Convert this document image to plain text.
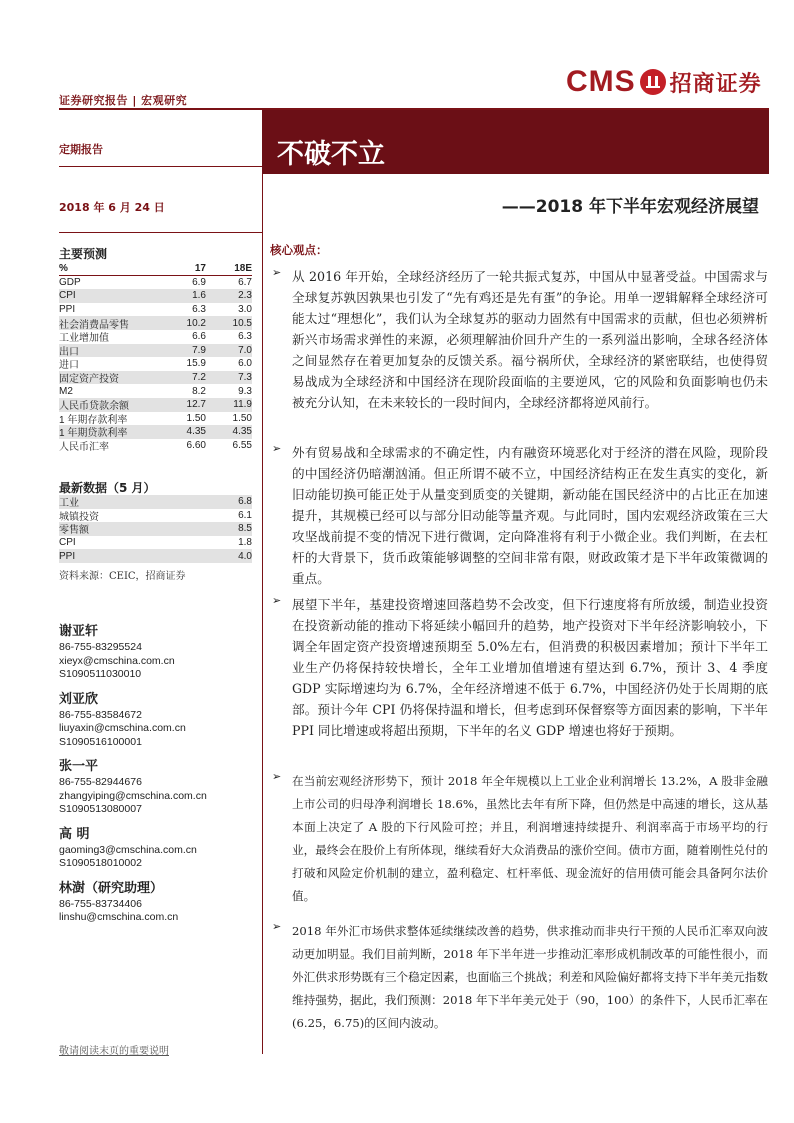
证券研究报告 | 宏观研究
CMS 招商证券
定期报告
2018 年 6 月 24 日
不破不立
——2018 年下半年宏观经济展望
主要预测
%	17	18E
GDP	6.9	6.7
CPI	1.6	2.3
PPI	6.3	3.0
社会消费品零售	10.2	10.5
工业增加值	6.6	6.3
出口	7.9	7.0
进口	15.9	6.0
固定资产投资	7.2	7.3
M2	8.2	9.3
人民币贷款余额	12.7	11.9
1 年期存款利率	1.50	1.50
1 年期贷款利率	4.35	4.35
人民币汇率	6.60	6.55
最新数据（5 月）
工业	6.8
城镇投资	6.1
零售额	8.5
CPI	1.8
PPI	4.0
资料来源：CEIC，招商证券
谢亚轩
86-755-83295524
xieyx@cmschina.com.cn
S1090511030010
刘亚欣
86-755-83584672
liuyaxin@cmschina.com.cn
S1090516100001
张一平
86-755-82944676
zhangyiping@cmschina.com.cn
S1090513080007
高 明
gaoming3@cmschina.com.cn
S1090518010002
林澍（研究助理）
86-755-83734406
linshu@cmschina.com.cn
敬请阅读末页的重要说明
核心观点：
➢ 从 2016 年开始，全球经济经历了一轮共振式复苏，中国从中显著受益。中国需求与全球复苏孰因孰果也引发了“先有鸡还是先有蛋”的争论。用单一逻辑解释全球经济可能太过“理想化”，我们认为全球复苏的驱动力固然有中国需求的贡献，但也必须辨析新兴市场需求弹性的来源，必须理解油价回升产生的一系列溢出影响，全球各经济体之间显然存在着更加复杂的反馈关系。福兮祸所伏，全球经济的紧密联结，也使得贸易战成为全球经济和中国经济在现阶段面临的主要逆风，它的风险和负面影响也仍未被充分认知，在未来较长的一段时间内，全球经济都将逆风前行。
➢ 外有贸易战和全球需求的不确定性，内有融资环境恶化对于经济的潜在风险，现阶段的中国经济仍暗潮汹涌。但正所谓不破不立，中国经济结构正在发生真实的变化，新旧动能切换可能正处于从量变到质变的关键期，新动能在国民经济中的占比正在加速提升，其规模已经可以与部分旧动能等量齐观。与此同时，国内宏观经济政策在三大攻坚战前提不变的情况下进行微调，定向降准将有利于小微企业。我们判断，在去杠杆的大背景下，货币政策能够调整的空间非常有限，财政政策才是下半年政策微调的重点。
➢ 展望下半年，基建投资增速回落趋势不会改变，但下行速度将有所放缓，制造业投资在投资新动能的推动下将延续小幅回升的趋势，地产投资对下半年经济影响较小，下调全年固定资产投资增速预期至 5.0%左右，但消费的积极因素增加；预计下半年工业生产仍将保持较快增长，全年工业增加值增速有望达到 6.7%，预计 3、4 季度 GDP 实际增速均为 6.7%，全年经济增速不低于 6.7%，中国经济仍处于长周期的底部。预计今年 CPI 仍将保持温和增长，但考虑到环保督察等方面因素的影响，下半年 PPI 同比增速或将超出预期，下半年的名义 GDP 增速也将好于预期。
➢ 在当前宏观经济形势下，预计 2018 年全年规模以上工业企业利润增长 13.2%，A 股非金融上市公司的归母净利润增长 18.6%，虽然比去年有所下降，但仍然是中高速的增长，这从基本面上决定了 A 股的下行风险可控；并且，利润增速持续提升、利润率高于市场平均的行业，最终会在股价上有所体现，继续看好大众消费品的涨价空间。债市方面，随着刚性兑付的打破和风险定价机制的建立，盈利稳定、杠杆率低、现金流好的信用债可能会具备阿尔法价值。
➢ 2018 年外汇市场供求整体延续继续改善的趋势，供求推动而非央行干预的人民币汇率双向波动更加明显。我们目前判断，2018 年下半年进一步推动汇率形成机制改革的可能性很小，而外汇供求形势既有三个稳定因素，也面临三个挑战；利差和风险偏好都将支持下半年美元指数维持强势，据此，我们预测：2018 年下半年美元处于（90，100）的条件下，人民币汇率在(6.25，6.75)的区间内波动。
